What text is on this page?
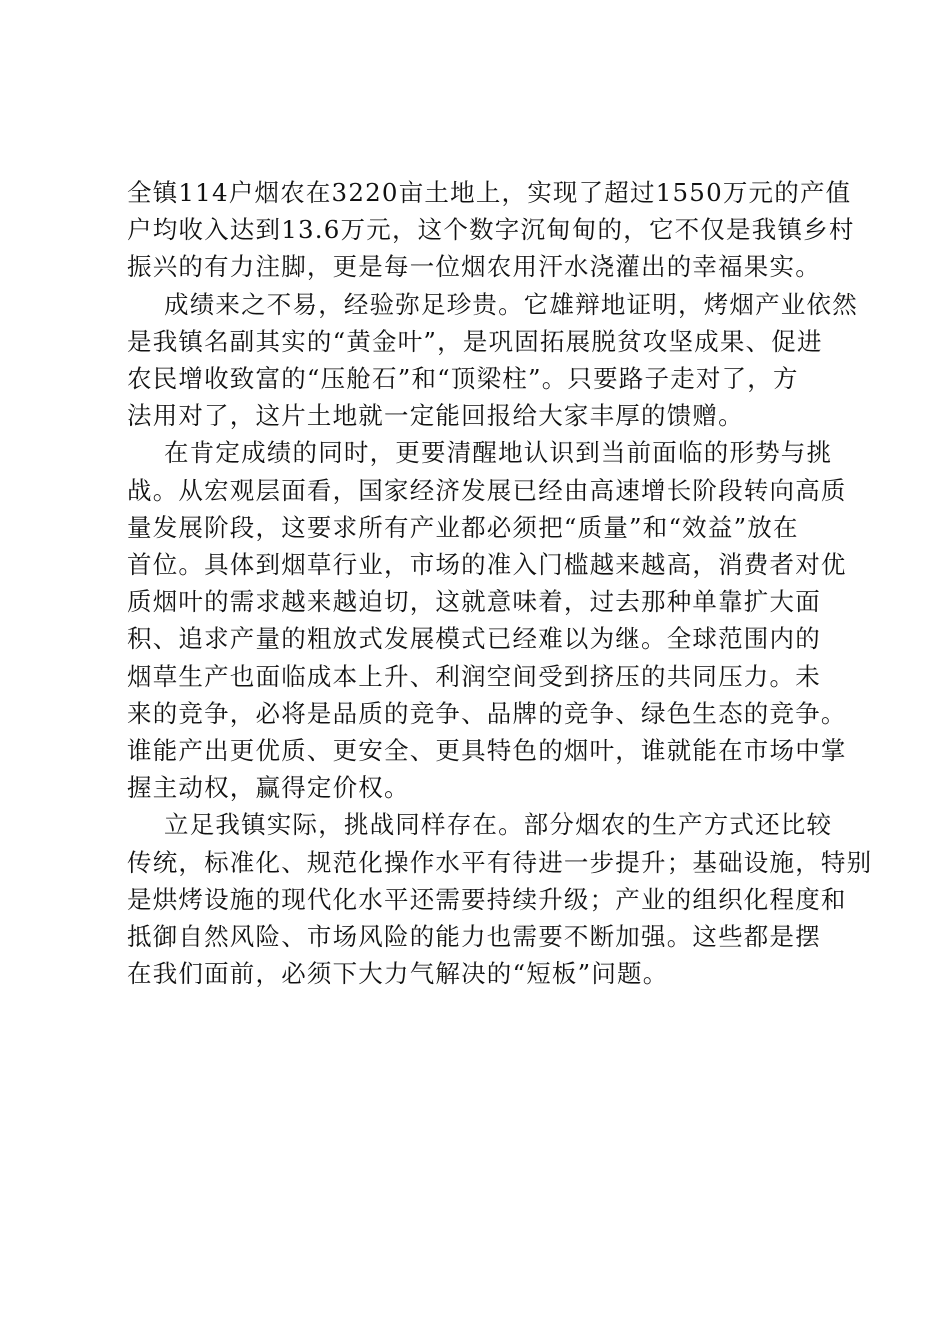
全镇114户烟农在3220亩土地上，实现了超过1550万元的产值
户均收入达到13.6万元，这个数字沉甸甸的，它不仅是我镇乡村
振兴的有力注脚，更是每一位烟农用汗水浇灌出的幸福果实。
成绩来之不易，经验弥足珍贵。它雄辩地证明，烤烟产业依然
是我镇名副其实的“黄金叶”，是巩固拓展脱贫攻坚成果、促进
农民增收致富的“压舱石”和“顶梁柱”。只要路子走对了，方
法用对了，这片土地就一定能回报给大家丰厚的馈赠。
在肯定成绩的同时，更要清醒地认识到当前面临的形势与挑
战。从宏观层面看，国家经济发展已经由高速增长阶段转向高质
量发展阶段，这要求所有产业都必须把“质量”和“效益”放在
首位。具体到烟草行业，市场的准入门槛越来越高，消费者对优
质烟叶的需求越来越迫切，这就意味着，过去那种单靠扩大面
积、追求产量的粗放式发展模式已经难以为继。全球范围内的
烟草生产也面临成本上升、利润空间受到挤压的共同压力。未
来的竞争，必将是品质的竞争、品牌的竞争、绿色生态的竞争。
谁能产出更优质、更安全、更具特色的烟叶，谁就能在市场中掌
握主动权，赢得定价权。
立足我镇实际，挑战同样存在。部分烟农的生产方式还比较
传统，标准化、规范化操作水平有待进一步提升；基础设施，特别
是烘烤设施的现代化水平还需要持续升级；产业的组织化程度和
抵御自然风险、市场风险的能力也需要不断加强。这些都是摆
在我们面前，必须下大力气解决的“短板”问题。
